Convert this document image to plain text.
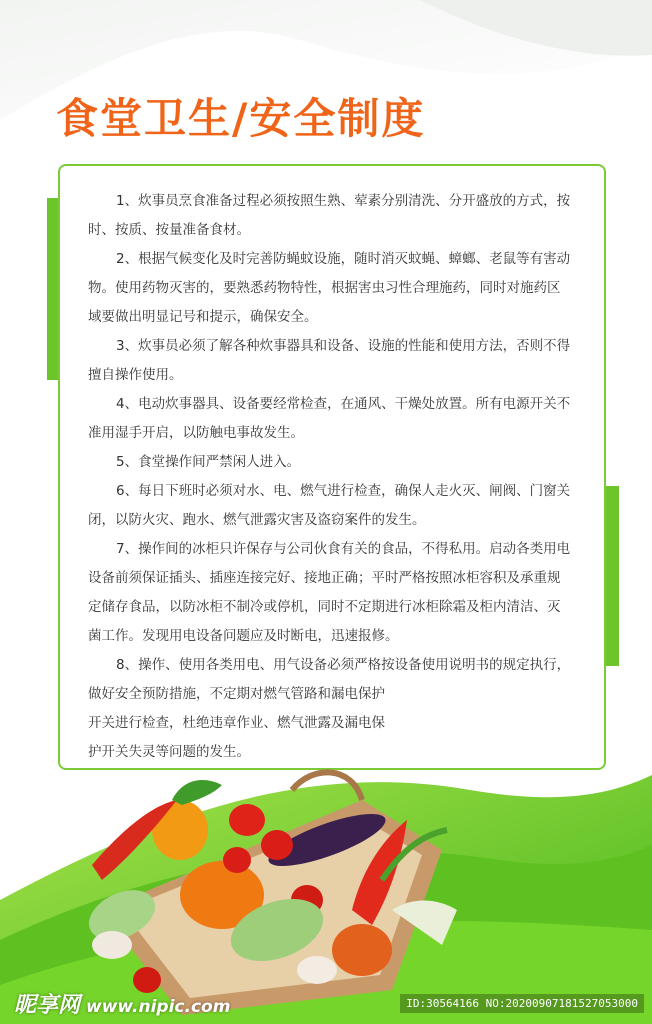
食堂卫生/安全制度
1、炊事员烹食准备过程必须按照生熟、荤素分别清洗、分开盛放的方式，按
时、按质、按量准备食材。
2、根据气候变化及时完善防蝇蚊设施，随时消灭蚊蝇、蟑螂、老鼠等有害动
物。使用药物灭害的，要熟悉药物特性，根据害虫习性合理施药，同时对施药区
域要做出明显记号和提示，确保安全。
3、炊事员必须了解各种炊事器具和设备、设施的性能和使用方法，否则不得
擅自操作使用。
4、电动炊事器具、设备要经常检查，在通风、干燥处放置。所有电源开关不
准用湿手开启，以防触电事故发生。
5、食堂操作间严禁闲人进入。
6、每日下班时必须对水、电、燃气进行检查，确保人走火灭、闸阀、门窗关
闭，以防火灾、跑水、燃气泄露灾害及盗窃案件的发生。
7、操作间的冰柜只许保存与公司伙食有关的食品，不得私用。启动各类用电
设备前须保证插头、插座连接完好、接地正确；平时严格按照冰柜容积及承重规
定储存食品，以防冰柜不制冷或停机，同时不定期进行冰柜除霜及柜内清洁、灭
菌工作。发现用电设备问题应及时断电，迅速报修。
8、操作、使用各类用电、用气设备必须严格按设备使用说明书的规定执行，
做好安全预防措施，不定期对燃气管路和漏电保护
开关进行检查，杜绝违章作业、燃气泄露及漏电保
护开关失灵等问题的发生。
昵享网 www.nipic.com	ID:30564166 NO:20200907181527053000
